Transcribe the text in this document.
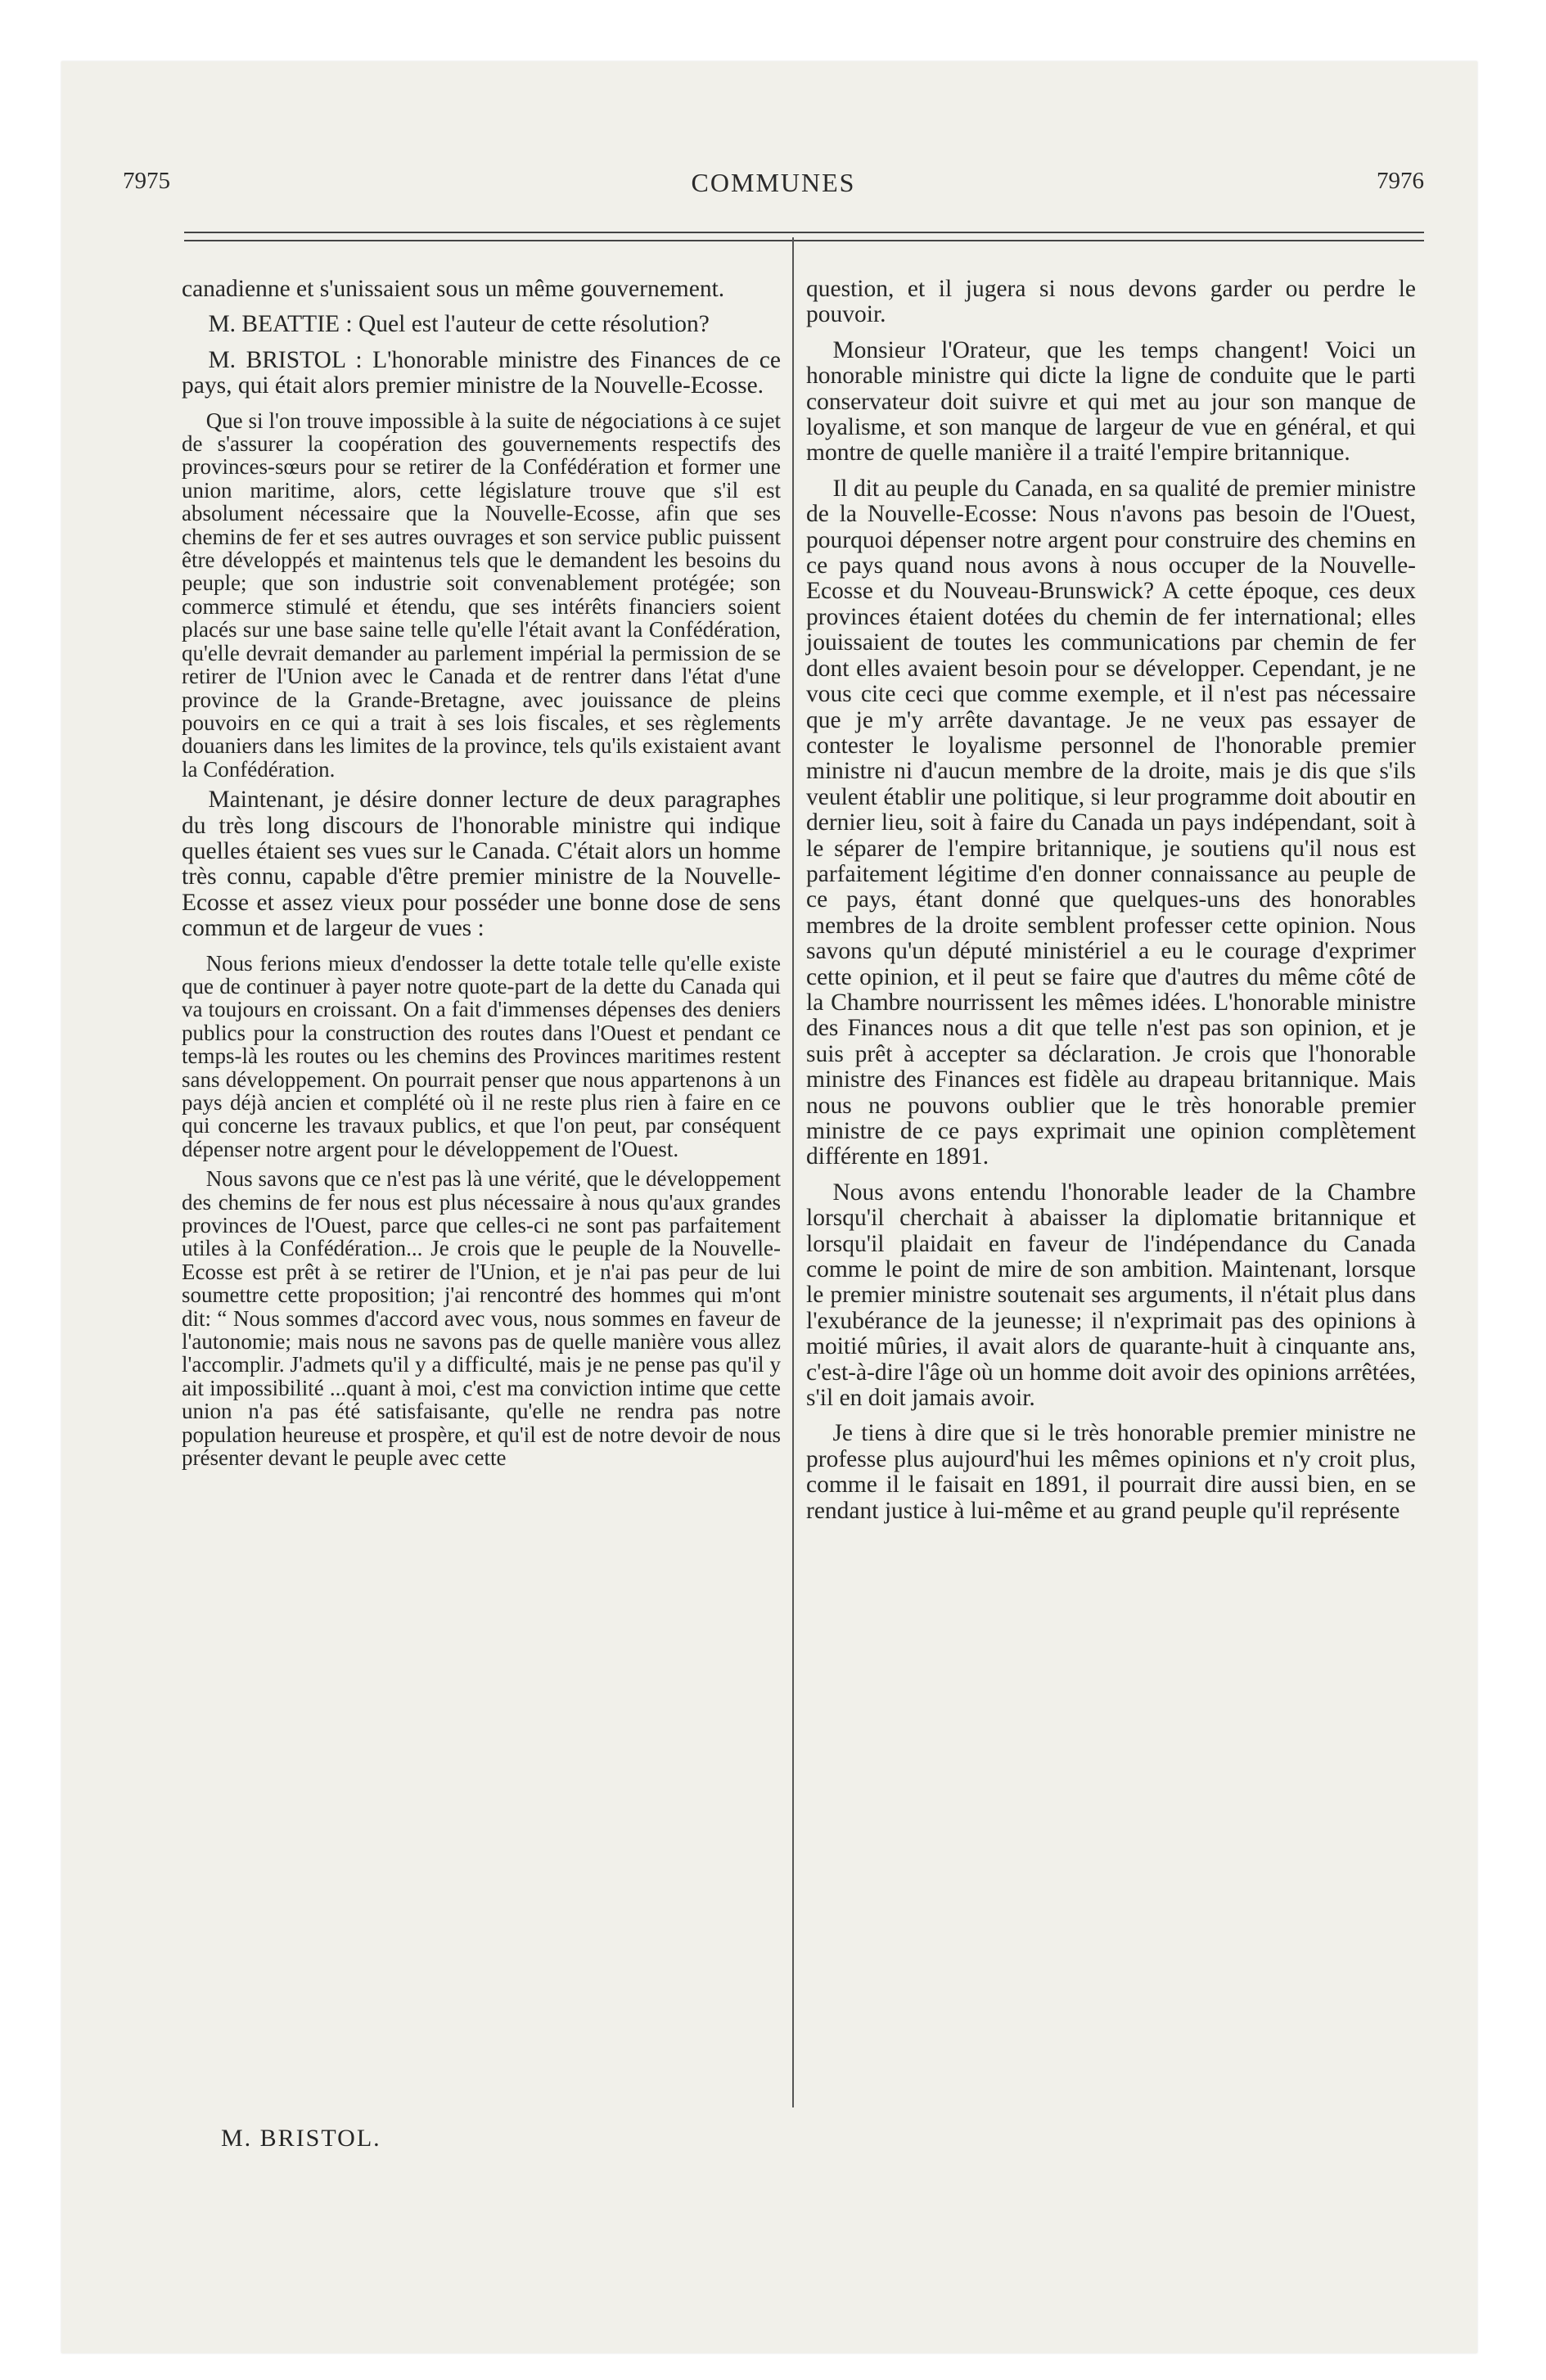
7975	COMMUNES	7976

canadienne et s'unissaient sous un même gouvernement.

M. BEATTIE : Quel est l'auteur de cette résolution?

M. BRISTOL : L'honorable ministre des Finances de ce pays, qui était alors premier ministre de la Nouvelle-Ecosse.

Que si l'on trouve impossible à la suite de négociations à ce sujet de s'assurer la coopération des gouvernements respectifs des provinces-sœurs pour se retirer de la Confédération et former une union maritime, alors, cette législature trouve que s'il est absolument nécessaire que la Nouvelle-Ecosse, afin que ses chemins de fer et ses autres ouvrages et son service public puissent être développés et maintenus tels que le demandent les besoins du peuple; que son industrie soit convenablement protégée; son commerce stimulé et étendu, que ses intérêts financiers soient placés sur une base saine telle qu'elle l'était avant la Confédération, qu'elle devrait demander au parlement impérial la permission de se retirer de l'Union avec le Canada et de rentrer dans l'état d'une province de la Grande-Bretagne, avec jouissance de pleins pouvoirs en ce qui a trait à ses lois fiscales, et ses règlements douaniers dans les limites de la province, tels qu'ils existaient avant la Confédération.

Maintenant, je désire donner lecture de deux paragraphes du très long discours de l'honorable ministre qui indique quelles étaient ses vues sur le Canada. C'était alors un homme très connu, capable d'être premier ministre de la Nouvelle-Ecosse et assez vieux pour posséder une bonne dose de sens commun et de largeur de vues :

Nous ferions mieux d'endosser la dette totale telle qu'elle existe que de continuer à payer notre quote-part de la dette du Canada qui va toujours en croissant. On a fait d'immenses dépenses des deniers publics pour la construction des routes dans l'Ouest et pendant ce temps-là les routes ou les chemins des Provinces maritimes restent sans développement. On pourrait penser que nous appartenons à un pays déjà ancien et complété où il ne reste plus rien à faire en ce qui concerne les travaux publics, et que l'on peut, par conséquent dépenser notre argent pour le développement de l'Ouest.

Nous savons que ce n'est pas là une vérité, que le développement des chemins de fer nous est plus nécessaire à nous qu'aux grandes provinces de l'Ouest, parce que celles-ci ne sont pas parfaitement utiles à la Confédération... Je crois que le peuple de la Nouvelle-Ecosse est prêt à se retirer de l'Union, et je n'ai pas peur de lui soumettre cette proposition; j'ai rencontré des hommes qui m'ont dit: “ Nous sommes d'accord avec vous, nous sommes en faveur de l'autonomie; mais nous ne savons pas de quelle manière vous allez l'accomplir. J'admets qu'il y a difficulté, mais je ne pense pas qu'il y ait impossibilité ...quant à moi, c'est ma conviction intime que cette union n'a pas été satisfaisante, qu'elle ne rendra pas notre population heureuse et prospère, et qu'il est de notre devoir de nous présenter devant le peuple avec cette

M. BRISTOL.

question, et il jugera si nous devons garder ou perdre le pouvoir.

Monsieur l'Orateur, que les temps changent! Voici un honorable ministre qui dicte la ligne de conduite que le parti conservateur doit suivre et qui met au jour son manque de loyalisme, et son manque de largeur de vue en général, et qui montre de quelle manière il a traité l'empire britannique.

Il dit au peuple du Canada, en sa qualité de premier ministre de la Nouvelle-Ecosse: Nous n'avons pas besoin de l'Ouest, pourquoi dépenser notre argent pour construire des chemins en ce pays quand nous avons à nous occuper de la Nouvelle-Ecosse et du Nouveau-Brunswick? A cette époque, ces deux provinces étaient dotées du chemin de fer international; elles jouissaient de toutes les communications par chemin de fer dont elles avaient besoin pour se développer. Cependant, je ne vous cite ceci que comme exemple, et il n'est pas nécessaire que je m'y arrête davantage. Je ne veux pas essayer de contester le loyalisme personnel de l'honorable premier ministre ni d'aucun membre de la droite, mais je dis que s'ils veulent établir une politique, si leur programme doit aboutir en dernier lieu, soit à faire du Canada un pays indépendant, soit à le séparer de l'empire britannique, je soutiens qu'il nous est parfaitement légitime d'en donner connaissance au peuple de ce pays, étant donné que quelques-uns des honorables membres de la droite semblent professer cette opinion. Nous savons qu'un député ministériel a eu le courage d'exprimer cette opinion, et il peut se faire que d'autres du même côté de la Chambre nourrissent les mêmes idées. L'honorable ministre des Finances nous a dit que telle n'est pas son opinion, et je suis prêt à accepter sa déclaration. Je crois que l'honorable ministre des Finances est fidèle au drapeau britannique. Mais nous ne pouvons oublier que le très honorable premier ministre de ce pays exprimait une opinion complètement différente en 1891.

Nous avons entendu l'honorable leader de la Chambre lorsqu'il cherchait à abaisser la diplomatie britannique et lorsqu'il plaidait en faveur de l'indépendance du Canada comme le point de mire de son ambition. Maintenant, lorsque le premier ministre soutenait ses arguments, il n'était plus dans l'exubérance de la jeunesse; il n'exprimait pas des opinions à moitié mûries, il avait alors de quarante-huit à cinquante ans, c'est-à-dire l'âge où un homme doit avoir des opinions arrêtées, s'il en doit jamais avoir.

Je tiens à dire que si le très honorable premier ministre ne professe plus aujourd'hui les mêmes opinions et n'y croit plus, comme il le faisait en 1891, il pourrait dire aussi bien, en se rendant justice à lui-même et au grand peuple qu'il représente
